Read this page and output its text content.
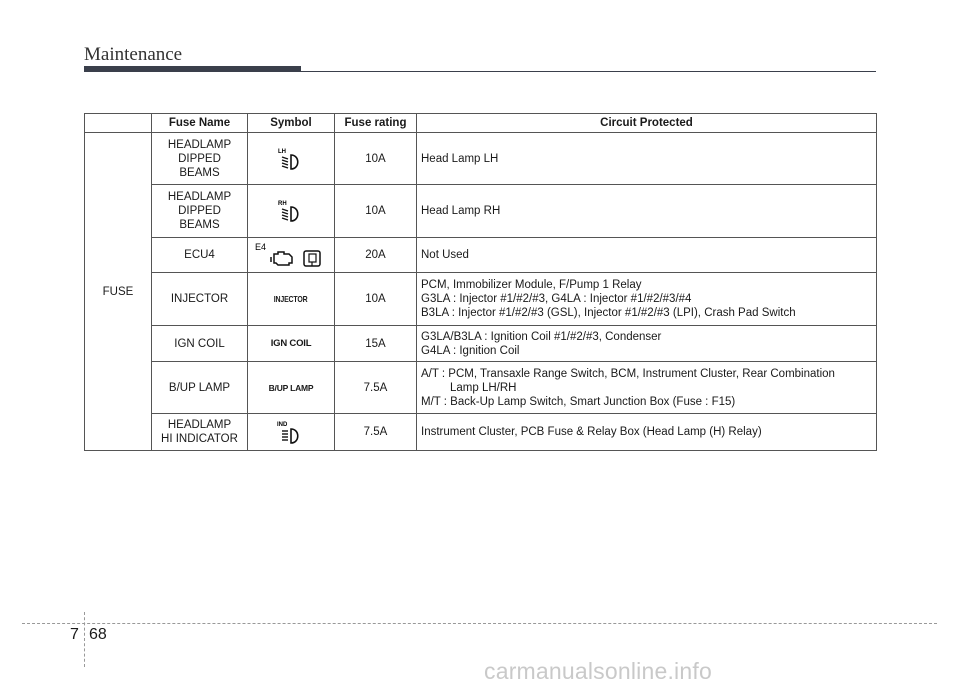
Maintenance
	Fuse Name	Symbol	Fuse rating	Circuit Protected
FUSE	HEADLAMP
DIPPED
BEAMS	LH	10A	Head Lamp LH

	HEADLAMP
DIPPED
BEAMS	RH	10A	Head Lamp RH

	ECU4	E4	20A	Not Used

	INJECTOR	INJECTOR	10A	PCM, Immobilizer Module, F/Pump 1 Relay
G3LA : Injector #1/#2/#3, G4LA : Injector #1/#2/#3/#4
B3LA : Injector #1/#2/#3 (GSL), Injector #1/#2/#3 (LPI), Crash Pad Switch

	IGN COIL	IGN COIL	15A	G3LA/B3LA : Ignition Coil #1/#2/#3, Condenser
G4LA : Ignition Coil

	B/UP LAMP	B/UP LAMP	7.5A	A/T : PCM, Transaxle Range Switch, BCM, Instrument Cluster, Rear Combination
Lamp LH/RH
M/T : Back-Up Lamp Switch, Smart Junction Box (Fuse : F15)

	HEADLAMP
HI INDICATOR	IND	7.5A	Instrument Cluster, PCB Fuse & Relay Box (Head Lamp (H) Relay)
7 68
carmanualsonline.info
